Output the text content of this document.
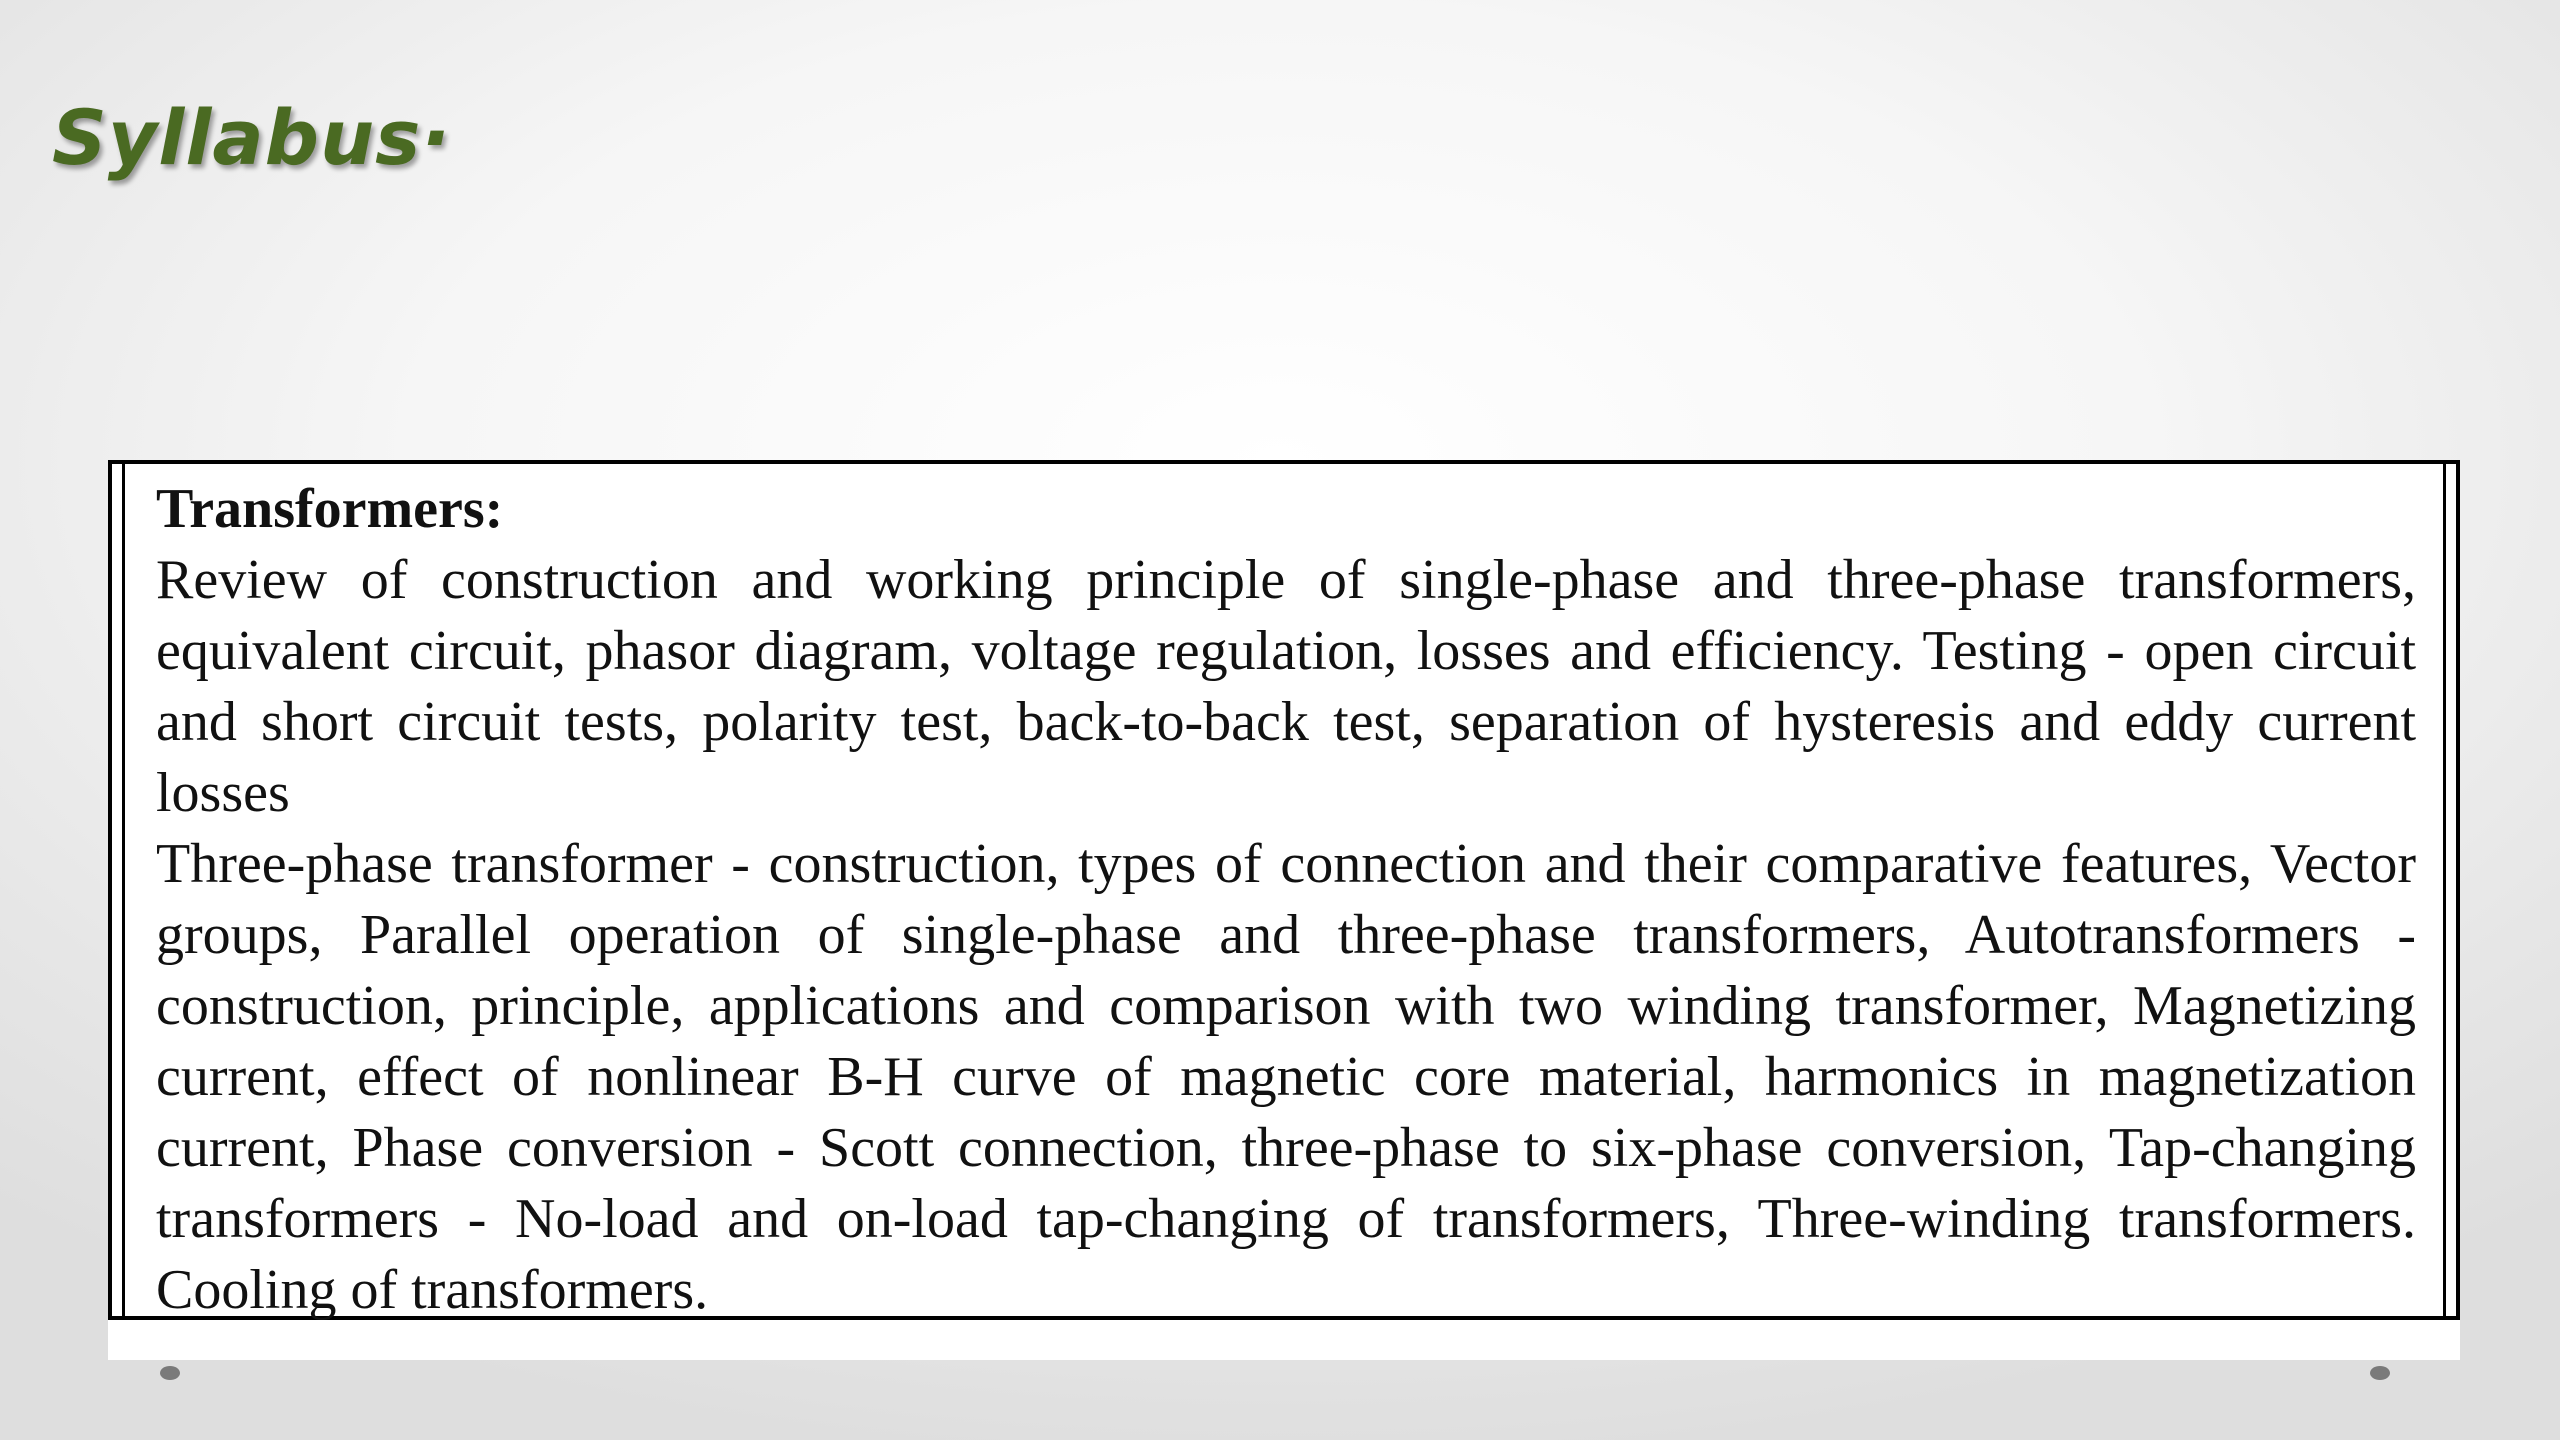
Syllabus·

Transformers:

Review of construction and working principle of single-phase and three-phase transformers, equivalent circuit, phasor diagram, voltage regulation, losses and efficiency. Testing - open circuit and short circuit tests, polarity test, back-to-back test, separation of hysteresis and eddy current losses

Three-phase transformer - construction, types of connection and their comparative features, Vector groups, Parallel operation of single-phase and three-phase transformers, Autotransformers - construction, principle, applications and comparison with two winding transformer, Magnetizing current, effect of nonlinear B-H curve of magnetic core material, harmonics in magnetization current, Phase conversion - Scott connection, three-phase to six-phase conversion, Tap-changing transformers - No-load and on-load tap-changing of transformers, Three-winding transformers. Cooling of transformers.
